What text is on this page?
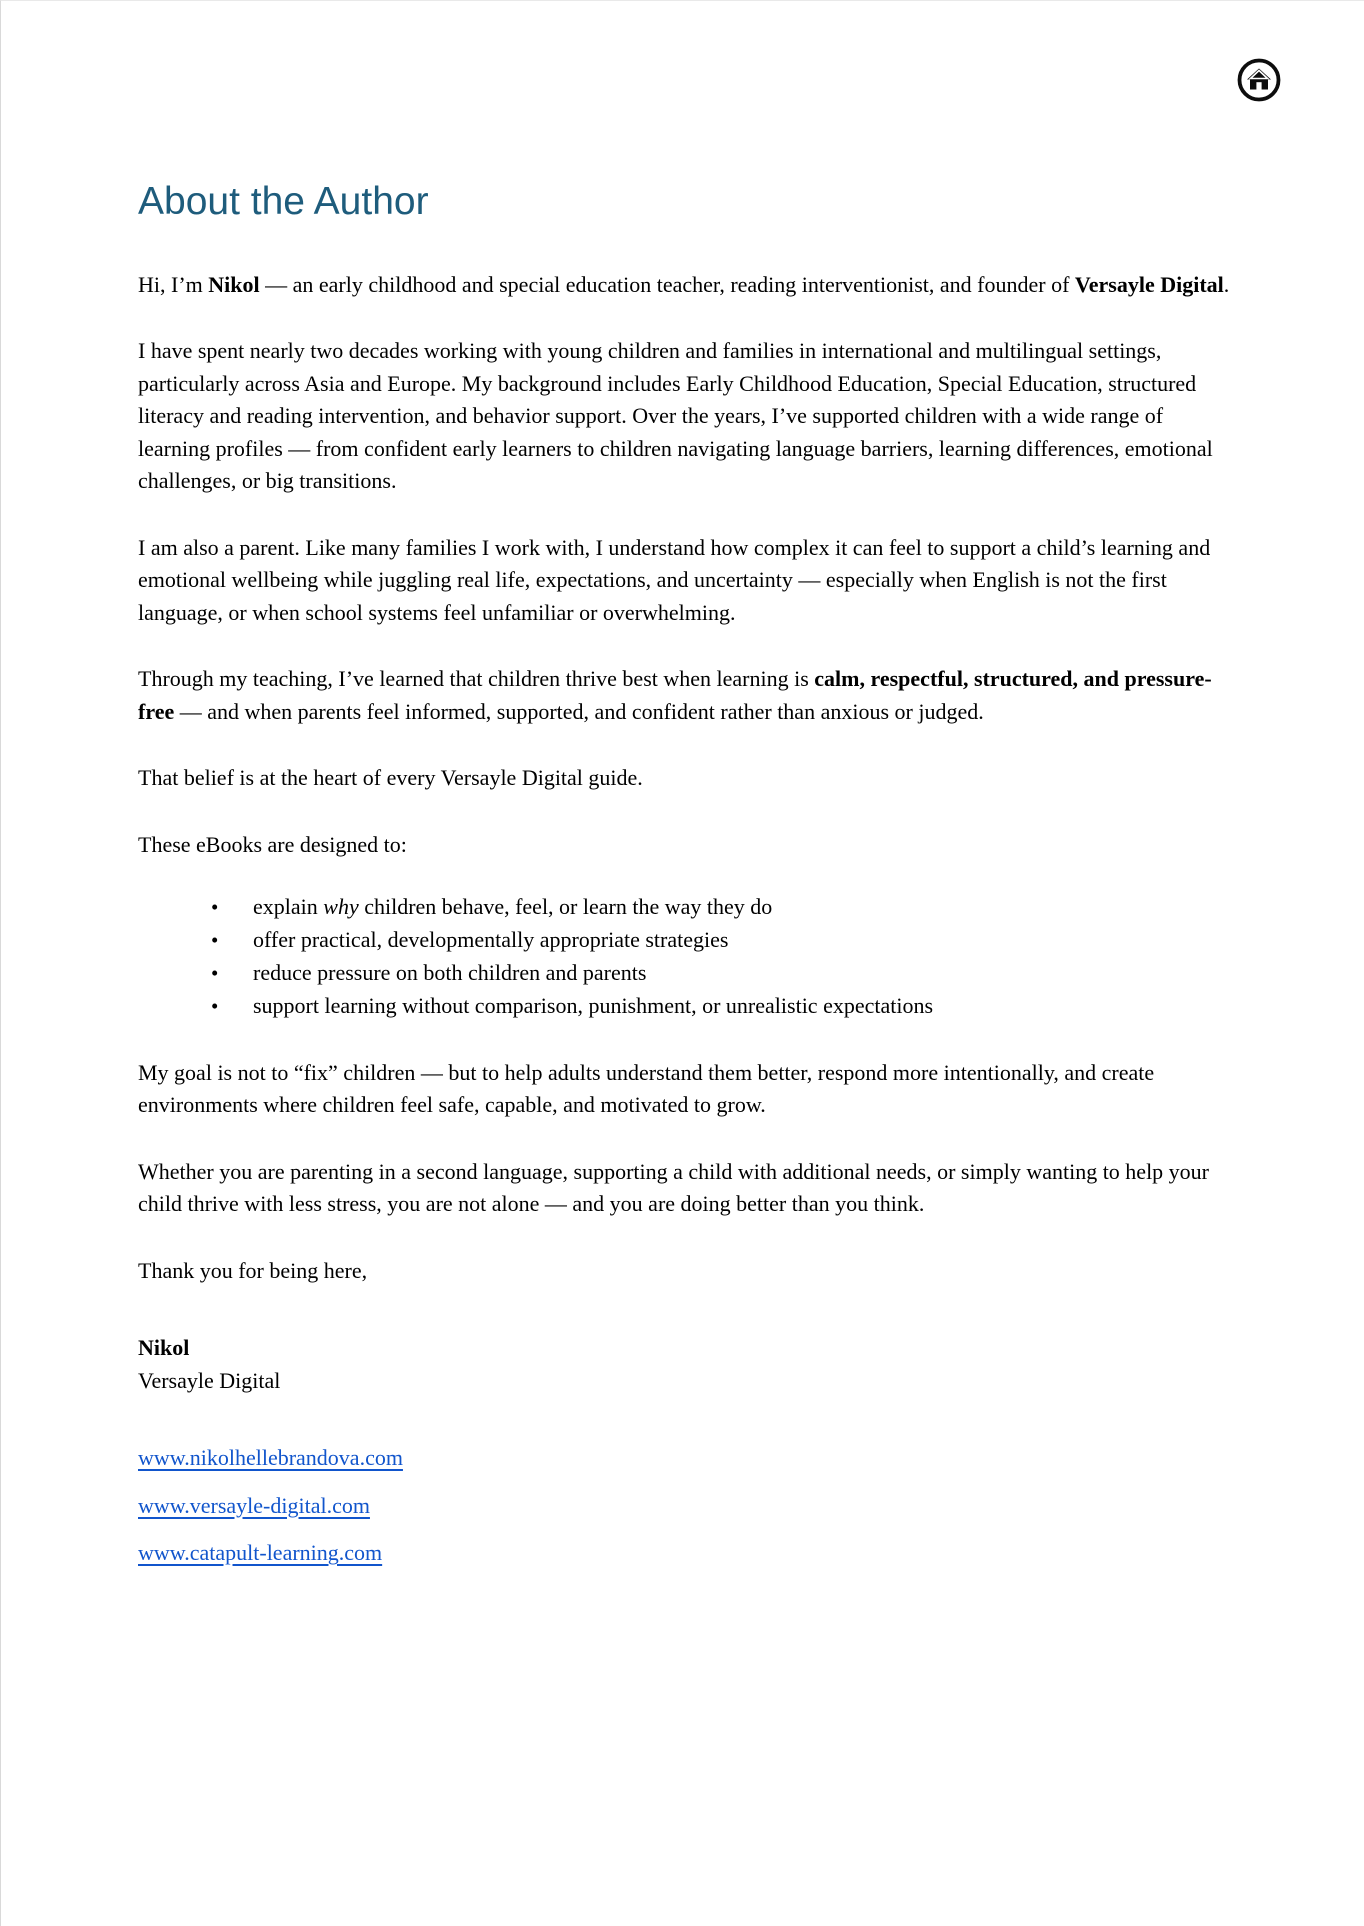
About the Author

Hi, I’m Nikol — an early childhood and special education teacher, reading interventionist, and founder of Versayle Digital.

I have spent nearly two decades working with young children and families in international and multilingual settings, particularly across Asia and Europe. My background includes Early Childhood Education, Special Education, structured literacy and reading intervention, and behavior support. Over the years, I’ve supported children with a wide range of learning profiles — from confident early learners to children navigating language barriers, learning differences, emotional challenges, or big transitions.

I am also a parent. Like many families I work with, I understand how complex it can feel to support a child’s learning and emotional wellbeing while juggling real life, expectations, and uncertainty — especially when English is not the first language, or when school systems feel unfamiliar or overwhelming.

Through my teaching, I’ve learned that children thrive best when learning is calm, respectful, structured, and pressure-free — and when parents feel informed, supported, and confident rather than anxious or judged.

That belief is at the heart of every Versayle Digital guide.

These eBooks are designed to:

• explain why children behave, feel, or learn the way they do
• offer practical, developmentally appropriate strategies
• reduce pressure on both children and parents
• support learning without comparison, punishment, or unrealistic expectations

My goal is not to “fix” children — but to help adults understand them better, respond more intentionally, and create environments where children feel safe, capable, and motivated to grow.

Whether you are parenting in a second language, supporting a child with additional needs, or simply wanting to help your child thrive with less stress, you are not alone — and you are doing better than you think.

Thank you for being here,

Nikol
Versayle Digital
www.nikolhellebrandova.com
www.versayle-digital.com
www.catapult-learning.com
